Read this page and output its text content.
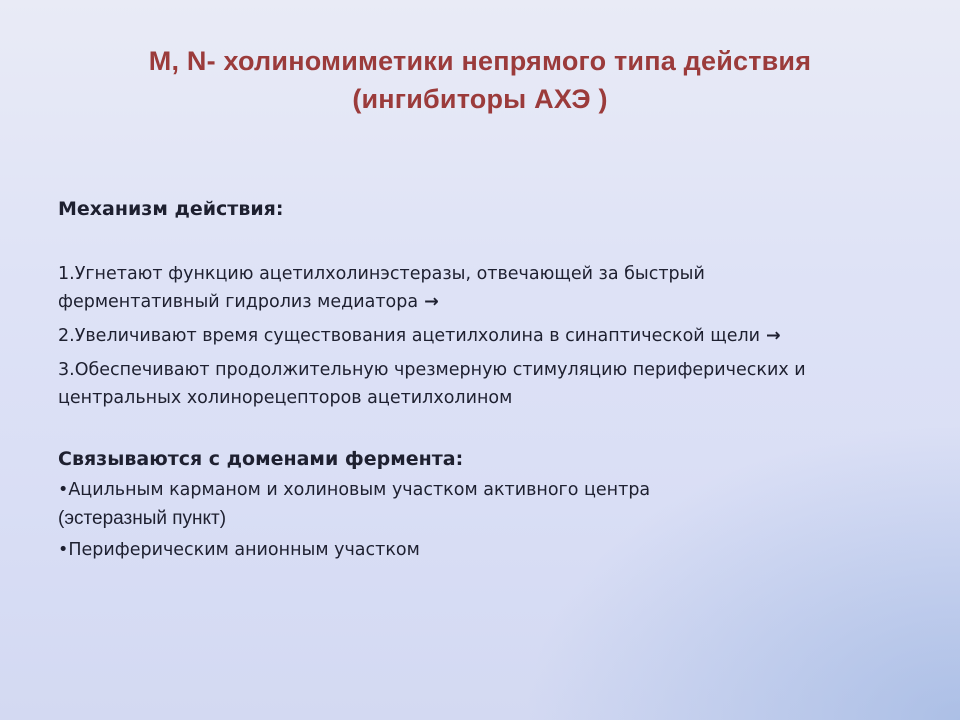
M, N- холиномиметики непрямого типа действия
(ингибиторы АХЭ )
Механизм действия:
1.Угнетают функцию ацетилхолинэстеразы, отвечающей за быстрый
ферментативный гидролиз медиатора →
2.Увеличивают время существования ацетилхолина в синаптической щели →
3.Обеспечивают продолжительную чрезмерную стимуляцию периферических и
центральных холинорецепторов ацетилхолином
Связываются с доменами фермента:
•Ацильным карманом и холиновым участком активного центра
(эстеразный пункт)
•Периферическим анионным участком
